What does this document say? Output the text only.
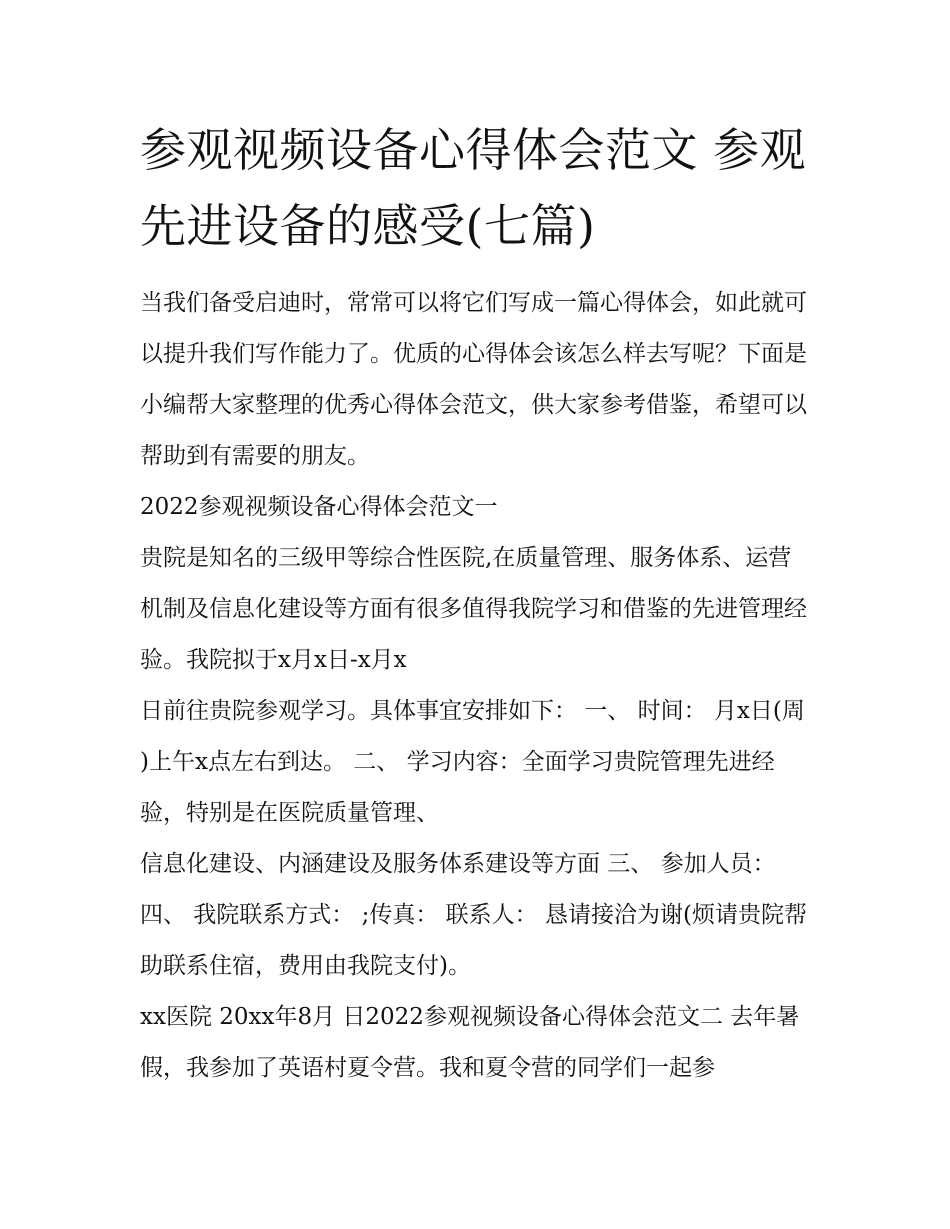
参观视频设备心得体会范文 参观先进设备的感受(七篇)

当我们备受启迪时，常常可以将它们写成一篇心得体会，如此就可以提升我们写作能力了。优质的心得体会该怎么样去写呢？下面是小编帮大家整理的优秀心得体会范文，供大家参考借鉴，希望可以帮助到有需要的朋友。

2022参观视频设备心得体会范文一

贵院是知名的三级甲等综合性医院,在质量管理、服务体系、运营机制及信息化建设等方面有很多值得我院学习和借鉴的先进管理经验。我院拟于x月x日-x月x

日前往贵院参观学习。具体事宜安排如下： 一、 时间： 月x日(周 )上午x点左右到达。 二、 学习内容：全面学习贵院管理先进经验，特别是在医院质量管理、

信息化建设、内涵建设及服务体系建设等方面 三、 参加人员： 四、 我院联系方式： ;传真： 联系人： 恳请接洽为谢(烦请贵院帮助联系住宿，费用由我院支付)。

xx医院 20xx年8月 日2022参观视频设备心得体会范文二 去年暑假，我参加了英语村夏令营。我和夏令营的同学们一起参
